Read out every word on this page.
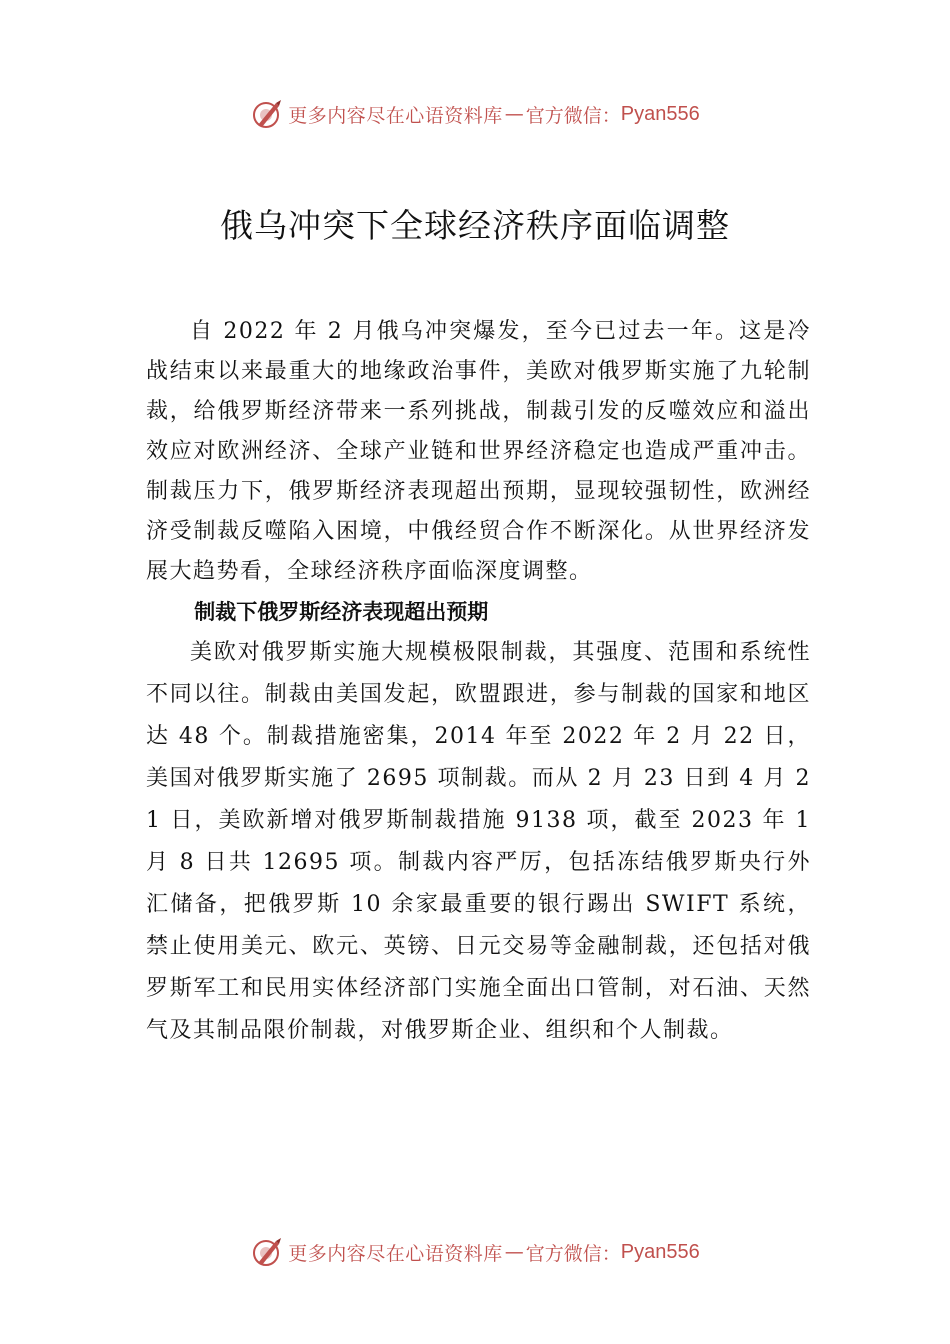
更多内容尽在心语资料库 — 官方微信： Pyan556
俄乌冲突下全球经济秩序面临调整

自 2022 年 2 月俄乌冲突爆发，至今已过去一年。这是冷战结束以来最重大的地缘政治事件，美欧对俄罗斯实施了九轮制裁，给俄罗斯经济带来一系列挑战，制裁引发的反噬效应和溢出效应对欧洲经济、全球产业链和世界经济稳定也造成严重冲击。制裁压力下，俄罗斯经济表现超出预期，显现较强韧性，欧洲经济受制裁反噬陷入困境，中俄经贸合作不断深化。从世界经济发展大趋势看，全球经济秩序面临深度调整。

制裁下俄罗斯经济表现超出预期

美欧对俄罗斯实施大规模极限制裁，其强度、范围和系统性不同以往。制裁由美国发起，欧盟跟进，参与制裁的国家和地区达 48 个。制裁措施密集，2014 年至 2022 年 2 月 22 日，美国对俄罗斯实施了 2695 项制裁。而从 2 月 23 日到 4 月 21 日，美欧新增对俄罗斯制裁措施 9138 项，截至 2023 年 1 月 8 日共 12695 项。制裁内容严厉，包括冻结俄罗斯央行外汇储备，把俄罗斯 10 余家最重要的银行踢出 SWIFT 系统，禁止使用美元、欧元、英镑、日元交易等金融制裁，还包括对俄罗斯军工和民用实体经济部门实施全面出口管制，对石油、天然气及其制品限价制裁，对俄罗斯企业、组织和个人制裁。

更多内容尽在心语资料库 — 官方微信： Pyan556
